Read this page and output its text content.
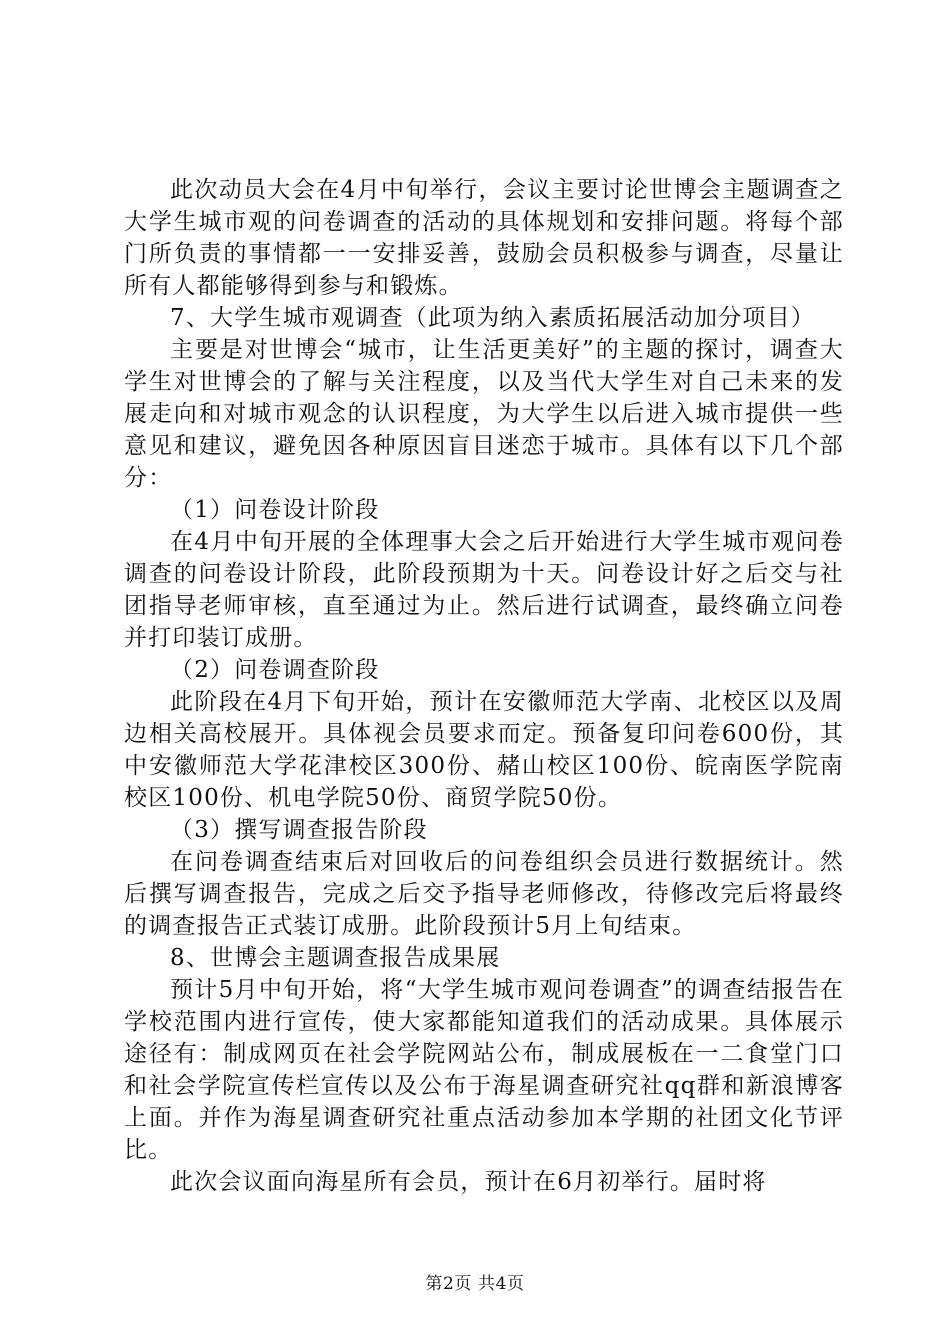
此次动员大会在4月中旬举行，会议主要讨论世博会主题调查之大学生城市观的问卷调查的活动的具体规划和安排问题。将每个部门所负责的事情都一一安排妥善，鼓励会员积极参与调查，尽量让所有人都能够得到参与和锻炼。

7、大学生城市观调查（此项为纳入素质拓展活动加分项目）

主要是对世博会“城市，让生活更美好”的主题的探讨，调查大学生对世博会的了解与关注程度，以及当代大学生对自己未来的发展走向和对城市观念的认识程度，为大学生以后进入城市提供一些意见和建议，避免因各种原因盲目迷恋于城市。具体有以下几个部分：

（1）问卷设计阶段

在4月中旬开展的全体理事大会之后开始进行大学生城市观问卷调查的问卷设计阶段，此阶段预期为十天。问卷设计好之后交与社团指导老师审核，直至通过为止。然后进行试调查，最终确立问卷并打印装订成册。

（2）问卷调查阶段

此阶段在4月下旬开始，预计在安徽师范大学南、北校区以及周边相关高校展开。具体视会员要求而定。预备复印问卷600份，其中安徽师范大学花津校区300份、赭山校区100份、皖南医学院南校区100份、机电学院50份、商贸学院50份。

（3）撰写调查报告阶段

在问卷调查结束后对回收后的问卷组织会员进行数据统计。然后撰写调查报告，完成之后交予指导老师修改，待修改完后将最终的调查报告正式装订成册。此阶段预计5月上旬结束。

8、世博会主题调查报告成果展

预计5月中旬开始，将“大学生城市观问卷调查”的调查结报告在学校范围内进行宣传，使大家都能知道我们的活动成果。具体展示途径有：制成网页在社会学院网站公布，制成展板在一二食堂门口和社会学院宣传栏宣传以及公布于海星调查研究社qq群和新浪博客上面。并作为海星调查研究社重点活动参加本学期的社团文化节评比。

此次会议面向海星所有会员，预计在6月初举行。届时将

第2页 共4页
